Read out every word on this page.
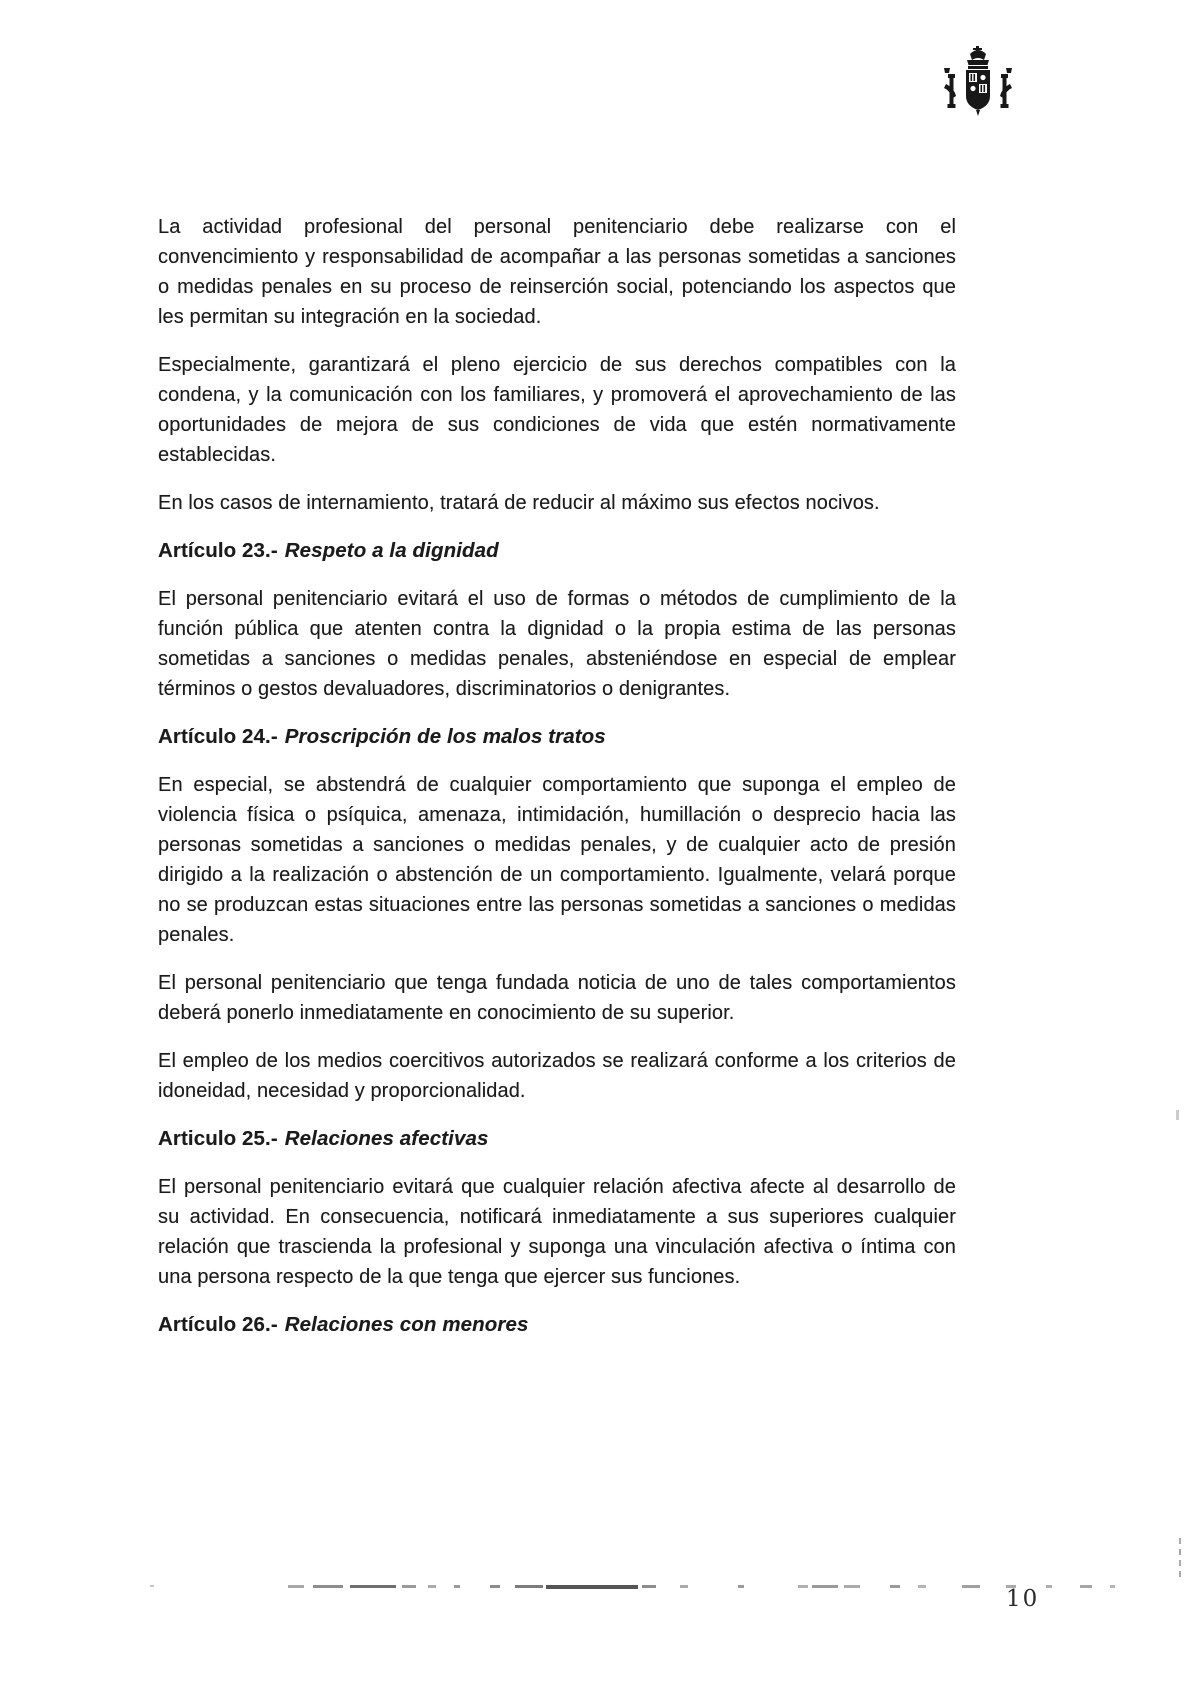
La actividad profesional del personal penitenciario debe realizarse con el convencimiento y responsabilidad de acompañar a las personas sometidas a sanciones o medidas penales en su proceso de reinserción social, potenciando los aspectos que les permitan su integración en la sociedad.

Especialmente, garantizará el pleno ejercicio de sus derechos compatibles con la condena, y la comunicación con los familiares, y promoverá el aprovechamiento de las oportunidades de mejora de sus condiciones de vida que estén normativamente establecidas.

En los casos de internamiento, tratará de reducir al máximo sus efectos nocivos.

Artículo 23.- Respeto a la dignidad

El personal penitenciario evitará el uso de formas o métodos de cumplimiento de la función pública que atenten contra la dignidad o la propia estima de las personas sometidas a sanciones o medidas penales, absteniéndose en especial de emplear términos o gestos devaluadores, discriminatorios o denigrantes.

Artículo 24.- Proscripción de los malos tratos

En especial, se abstendrá de cualquier comportamiento que suponga el empleo de violencia física o psíquica, amenaza, intimidación, humillación o desprecio hacia las personas sometidas a sanciones o medidas penales, y de cualquier acto de presión dirigido a la realización o abstención de un comportamiento. Igualmente, velará porque no se produzcan estas situaciones entre las personas sometidas a sanciones o medidas penales.

El personal penitenciario que tenga fundada noticia de uno de tales comportamientos deberá ponerlo inmediatamente en conocimiento de su superior.

El empleo de los medios coercitivos autorizados se realizará conforme a los criterios de idoneidad, necesidad y proporcionalidad.

Articulo 25.- Relaciones afectivas

El personal penitenciario evitará que cualquier relación afectiva afecte al desarrollo de su actividad. En consecuencia, notificará inmediatamente a sus superiores cualquier relación que trascienda la profesional y suponga una vinculación afectiva o íntima con una persona respecto de la que tenga que ejercer sus funciones.

Artículo 26.- Relaciones con menores
10
